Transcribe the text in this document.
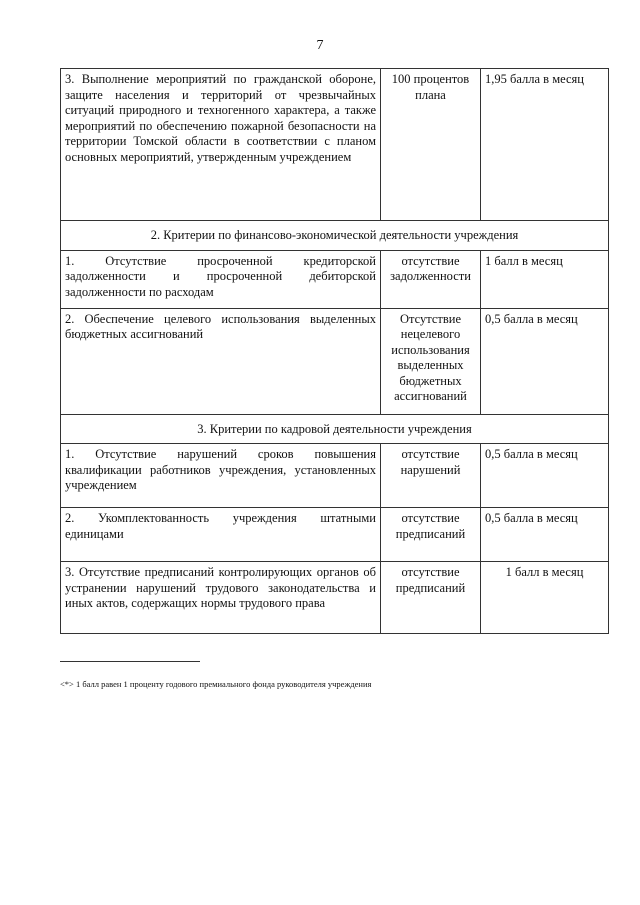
7
3. Выполнение мероприятий по гражданской обороне, защите населения и территорий от чрезвычайных ситуаций природного и техногенного характера, а также мероприятий по обеспечению пожарной безопасности на территории Томской области в соответствии с планом основных мероприятий, утвержденным учреждением	100 процентов плана	1,95 балла в месяц
2. Критерии по финансово-экономической деятельности учреждения		
1. Отсутствие просроченной кредиторской задолженности и просроченной дебиторской задолженности по расходам	отсутствие задолженности	1 балл в месяц
2. Обеспечение целевого использования выделенных бюджетных ассигнований	Отсутствие нецелевого использования выделенных бюджетных ассигнований	0,5 балла в месяц
3. Критерии по кадровой деятельности учреждения		
1. Отсутствие нарушений сроков повышения квалификации работников учреждения, установленных учреждением	отсутствие нарушений	0,5 балла в месяц
2. Укомплектованность учреждения штатными единицами	отсутствие предписаний	0,5 балла в месяц
3. Отсутствие предписаний контролирующих органов об устранении нарушений трудового законодательства и иных актов, содержащих нормы трудового права	отсутствие предписаний	1 балл в месяц
<*> 1 балл равен 1 проценту годового премиального фонда руководителя учреждения
